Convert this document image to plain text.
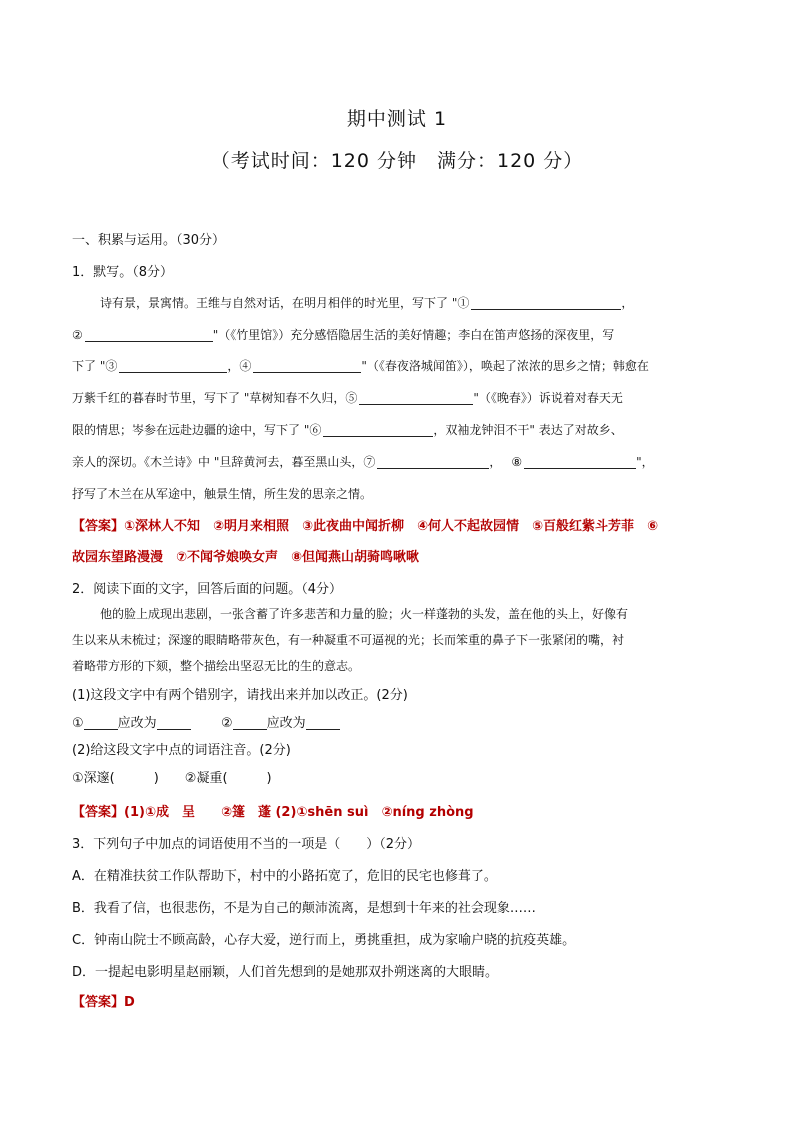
期中测试 1
（考试时间：120 分钟　满分：120 分）
一、积累与运用。（30分）
1．默写。（8分）
诗有景，景寓情。王维与自然对话，在明月相伴的时光里，写下了 "①	，
②	"（《竹里馆》）充分感悟隐居生活的美好情趣；李白在笛声悠扬的深夜里，写
下了 "③	，④	"（《春夜洛城闻笛》），唤起了浓浓的思乡之情；韩愈在
万紫千红的暮春时节里，写下了 "草树知春不久归，⑤	"（《晚春》）诉说着对春天无
限的情思；岑参在远赴边疆的途中，写下了 "⑥	，双袖龙钟泪不干" 表达了对故乡、
亲人的深切。《木兰诗》中 "旦辞黄河去，暮至黑山头，⑦	， ⑧	"，
抒写了木兰在从军途中，触景生情，所生发的思亲之情。
【答案】①深林人不知　②明月来相照　③此夜曲中闻折柳　④何人不起故园情　⑤百般红紫斗芳菲　⑥
故园东望路漫漫　⑦不闻爷娘唤女声　⑧但闻燕山胡骑鸣啾啾
2．阅读下面的文字，回答后面的问题。（4分）
他的脸上成现出悲剧，一张含蓄了许多悲苦和力量的脸；火一样蓬勃的头发，盖在他的头上，好像有
生以来从未梳过；深邃的眼睛略带灰色，有一种凝重不可逼视的光；长而笨重的鼻子下一张紧闭的嘴，衬
着略带方形的下颏，整个描绘出坚忍无比的生的意志。
(1)这段文字中有两个错别字，请找出来并加以改正。(2分)
①	应改为	②	应改为
(2)给这段文字中点的词语注音。(2分)
①深邃(　　　)　　②凝重(　　　)
【答案】(1)①成　呈　　②篷　蓬 (2)①shēn suì　②níng zhòng
3．下列句子中加点的词语使用不当的一项是（　　）（2分）
A．在精准扶贫工作队帮助下，村中的小路拓宽了，危旧的民宅也修葺了。
B．我看了信，也很悲伤，不是为自己的颠沛流离，是想到十年来的社会现象……
C．钟南山院士不顾高龄，心存大爱，逆行而上，勇挑重担，成为家喻户晓的抗疫英雄。
D．一提起电影明星赵丽颖，人们首先想到的是她那双扑朔迷离的大眼睛。
【答案】D
